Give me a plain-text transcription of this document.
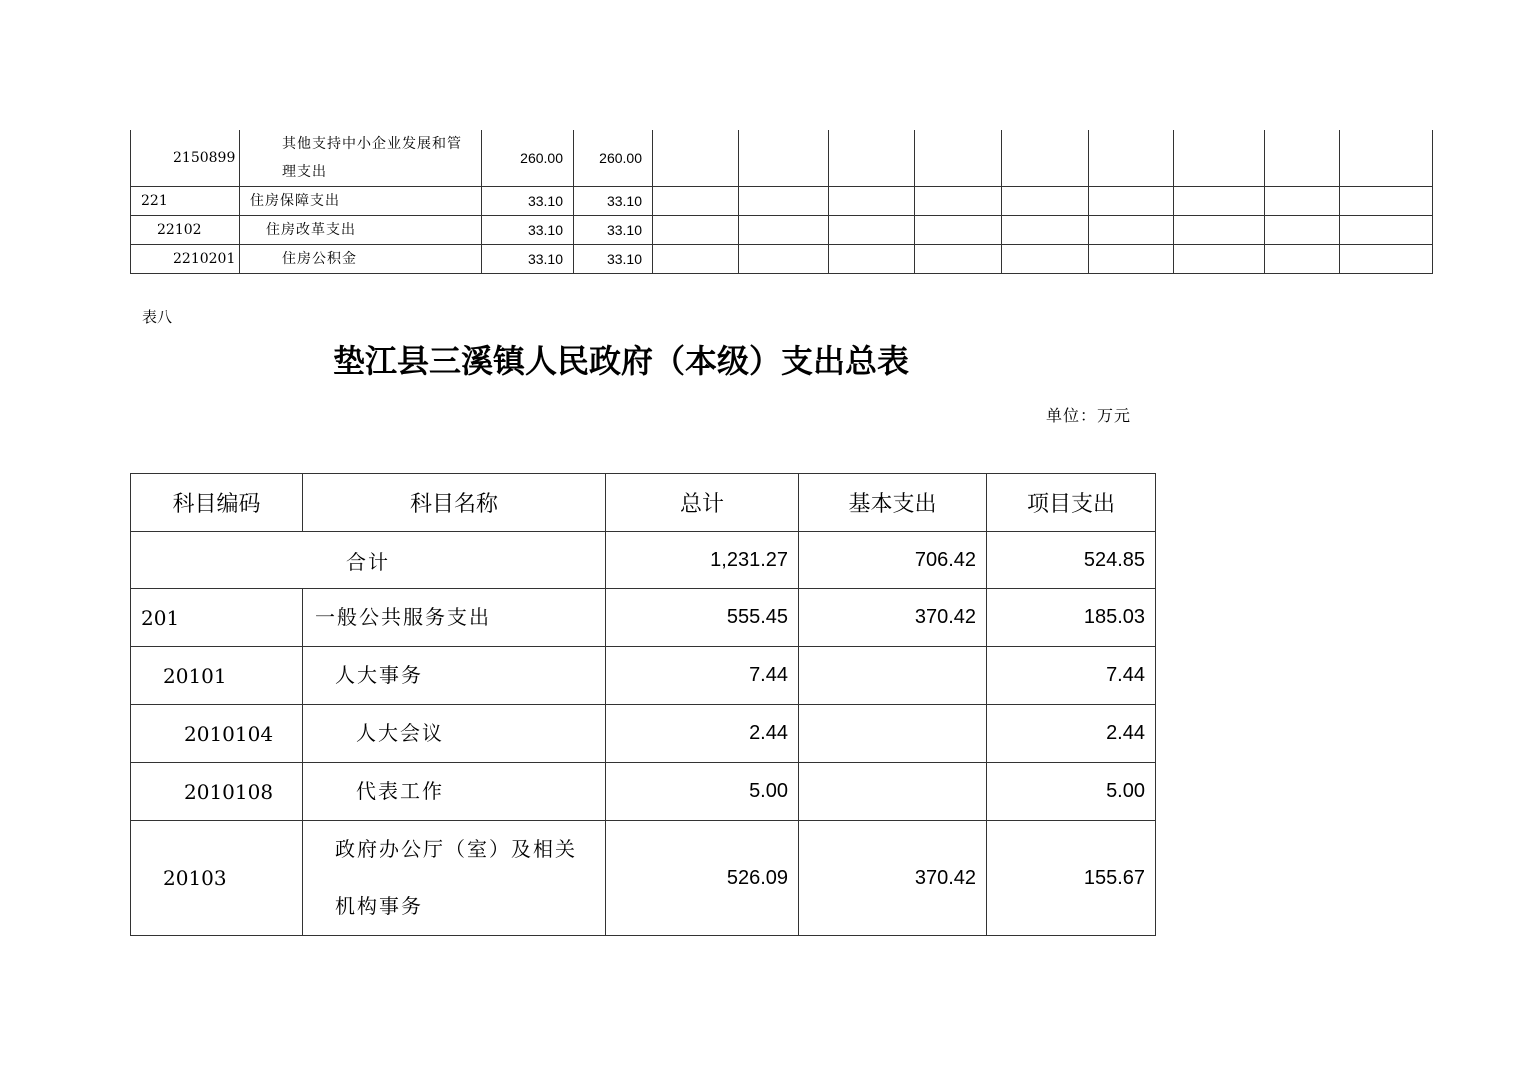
2150899	其他支持中小企业发展和管理支出	260.00	260.00									
221	住房保障支出	33.10	33.10									
22102	住房改革支出	33.10	33.10									
2210201	住房公积金	33.10	33.10									
表八
垫江县三溪镇人民政府（本级）支出总表
单位：万元
科目编码	科目名称	总计	基本支出	项目支出
合计		1,231.27	706.42	524.85
201	一般公共服务支出	555.45	370.42	185.03
20101	人大事务	7.44		7.44
2010104	人大会议	2.44		2.44
2010108	代表工作	5.00		5.00
20103	政府办公厅（室）及相关机构事务	526.09	370.42	155.67
